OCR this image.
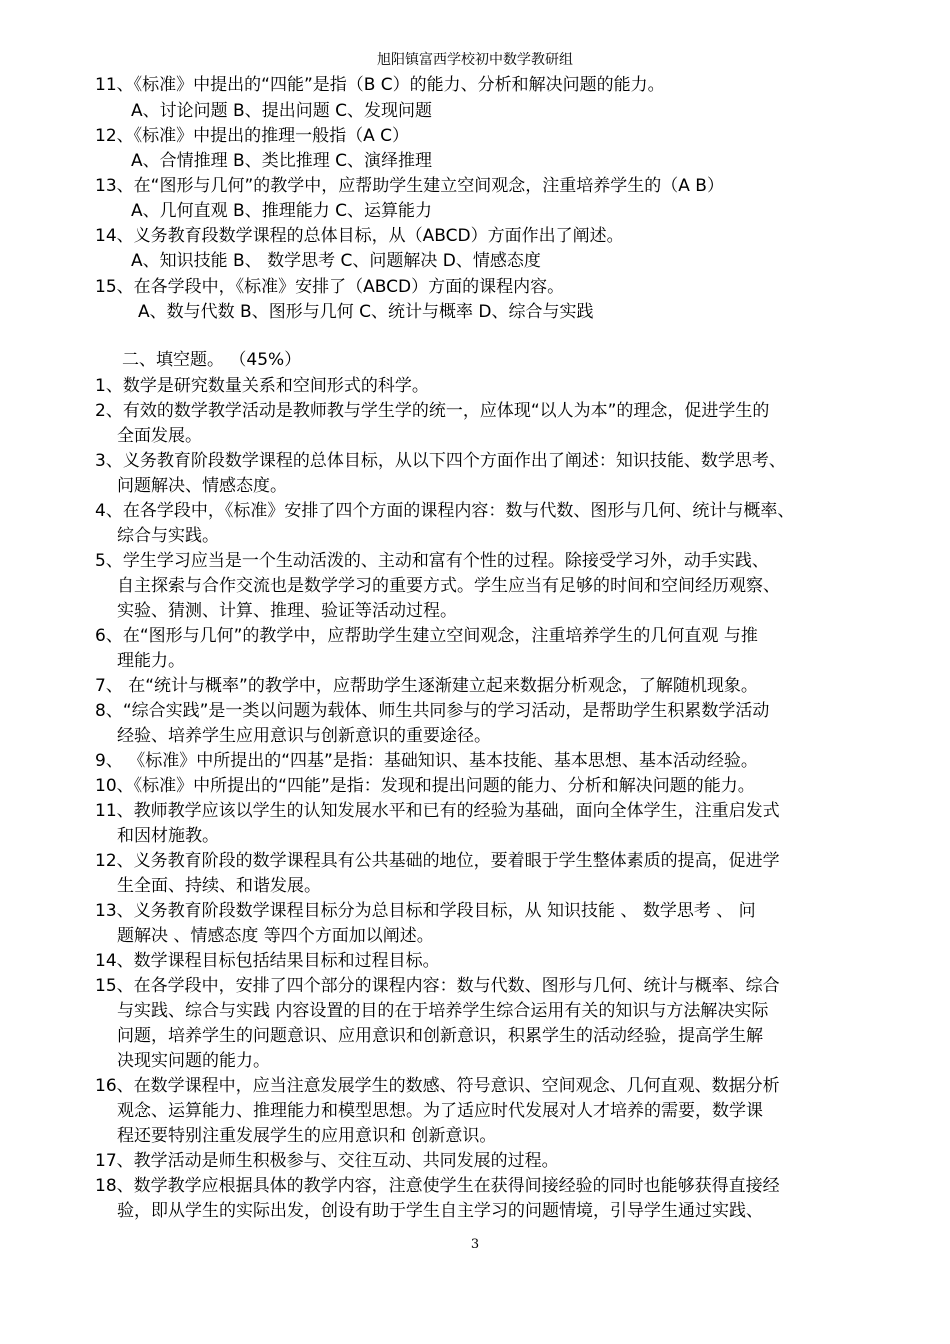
旭阳镇富西学校初中数学教研组
11、《标准》中提出的“四能”是指（B C）的能力、分析和解决问题的能力。
A、讨论问题 B、提出问题 C、发现问题
12、《标准》中提出的推理一般指（A C）
A、合情推理 B、类比推理 C、演绎推理
13、在“图形与几何”的教学中，应帮助学生建立空间观念，注重培养学生的（A B）
A、几何直观 B、推理能力 C、运算能力
14、义务教育段数学课程的总体目标，从（ABCD）方面作出了阐述。
A、知识技能 B、 数学思考 C、问题解决 D、情感态度
15、在各学段中，《标准》安排了（ABCD）方面的课程内容。
A、数与代数 B、图形与几何 C、统计与概率 D、综合与实践
二、填空题。 （45%）
1、数学是研究数量关系和空间形式的科学。
2、有效的数学教学活动是教师教与学生学的统一，应体现“以人为本”的理念，促进学生的
全面发展。
3、义务教育阶段数学课程的总体目标，从以下四个方面作出了阐述：知识技能、数学思考、
问题解决、情感态度。
4、在各学段中，《标准》安排了四个方面的课程内容：数与代数、图形与几何、统计与概率、
综合与实践。
5、学生学习应当是一个生动活泼的、主动和富有个性的过程。除接受学习外，动手实践、
自主探索与合作交流也是数学学习的重要方式。学生应当有足够的时间和空间经历观察、
实验、猜测、计算、推理、验证等活动过程。
6、在“图形与几何”的教学中，应帮助学生建立空间观念，注重培养学生的几何直观 与推
理能力。
7、 在“统计与概率”的教学中，应帮助学生逐渐建立起来数据分析观念，了解随机现象。
8、“综合实践”是一类以问题为载体、师生共同参与的学习活动，是帮助学生积累数学活动
经验、培养学生应用意识与创新意识的重要途径。
9、 《标准》中所提出的“四基”是指：基础知识、基本技能、基本思想、基本活动经验。
10、《标准》中所提出的“四能”是指：发现和提出问题的能力、分析和解决问题的能力。
11、教师教学应该以学生的认知发展水平和已有的经验为基础，面向全体学生，注重启发式
和因材施教。
12、义务教育阶段的数学课程具有公共基础的地位，要着眼于学生整体素质的提高，促进学
生全面、持续、和谐发展。
13、义务教育阶段数学课程目标分为总目标和学段目标，从 知识技能 、 数学思考 、 问
题解决 、情感态度 等四个方面加以阐述。
14、数学课程目标包括结果目标和过程目标。
15、在各学段中，安排了四个部分的课程内容：数与代数、图形与几何、统计与概率、综合
与实践、综合与实践 内容设置的目的在于培养学生综合运用有关的知识与方法解决实际
问题，培养学生的问题意识、应用意识和创新意识，积累学生的活动经验，提高学生解
决现实问题的能力。
16、在数学课程中，应当注意发展学生的数感、符号意识、空间观念、几何直观、数据分析
观念、运算能力、推理能力和模型思想。为了适应时代发展对人才培养的需要，数学课
程还要特别注重发展学生的应用意识和 创新意识。
17、教学活动是师生积极参与、交往互动、共同发展的过程。
18、数学教学应根据具体的教学内容，注意使学生在获得间接经验的同时也能够获得直接经
验，即从学生的实际出发，创设有助于学生自主学习的问题情境，引导学生通过实践、
3
